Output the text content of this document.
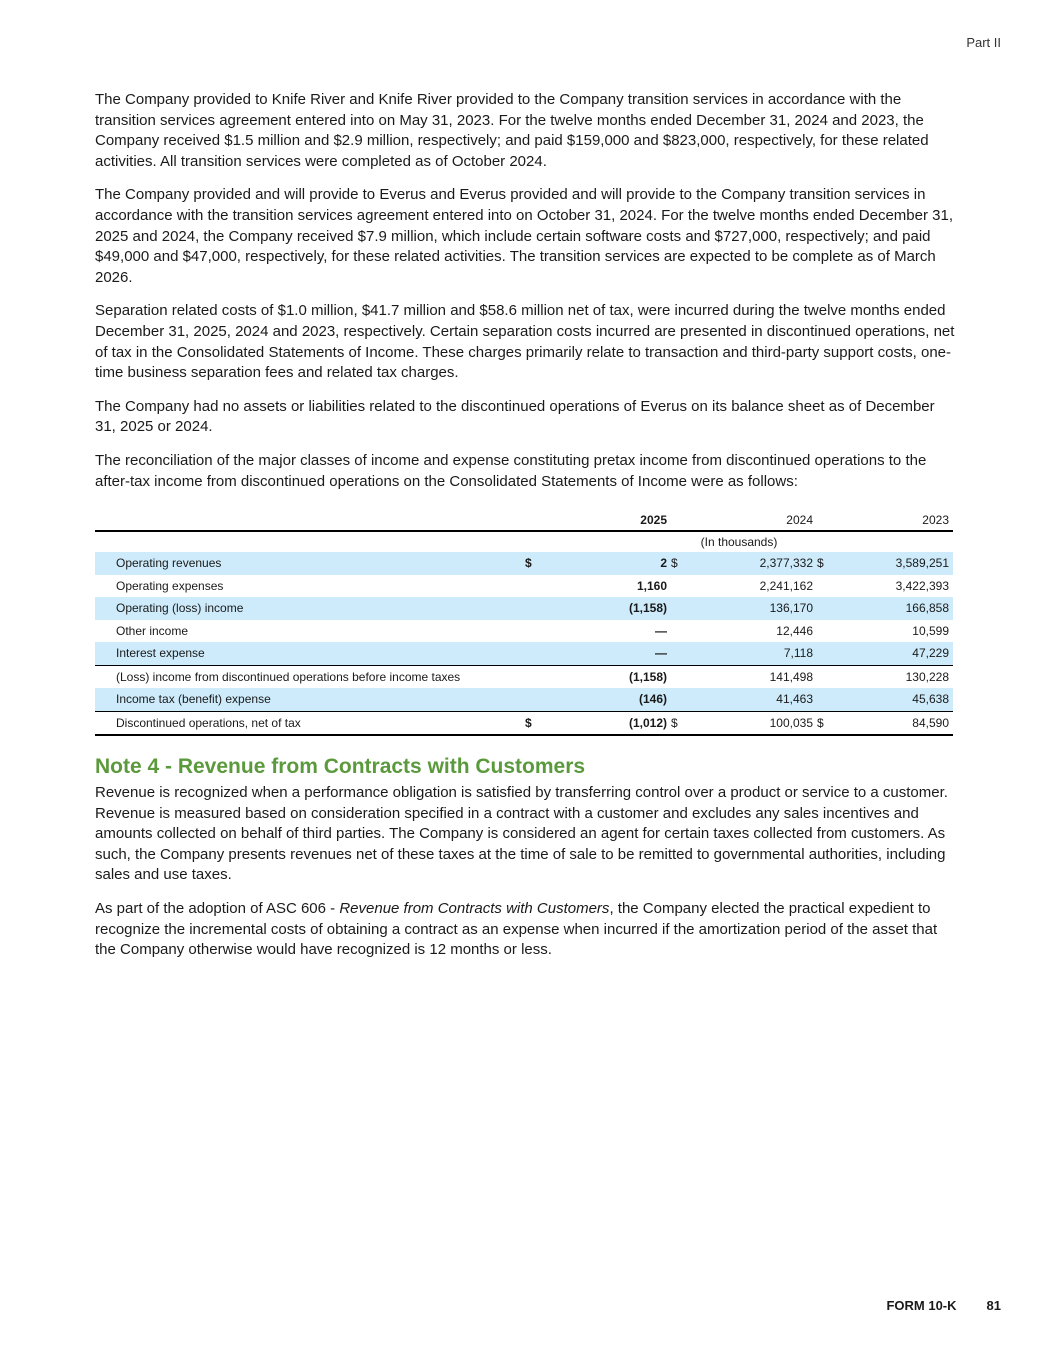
Part II

The Company provided to Knife River and Knife River provided to the Company transition services in accordance with the transition services agreement entered into on May 31, 2023. For the twelve months ended December 31, 2024 and 2023, the Company received $1.5 million and $2.9 million, respectively; and paid $159,000 and $823,000, respectively, for these related activities. All transition services were completed as of October 2024.

The Company provided and will provide to Everus and Everus provided and will provide to the Company transition services in accordance with the transition services agreement entered into on October 31, 2024. For the twelve months ended December 31, 2025 and 2024, the Company received $7.9 million, which include certain software costs and $727,000, respectively; and paid $49,000 and $47,000, respectively, for these related activities. The transition services are expected to be complete as of March 2026.

Separation related costs of $1.0 million, $41.7 million and $58.6 million net of tax, were incurred during the twelve months ended December 31, 2025, 2024 and 2023, respectively. Certain separation costs incurred are presented in discontinued operations, net of tax in the Consolidated Statements of Income. These charges primarily relate to transaction and third-party support costs, one-time business separation fees and related tax charges.

The Company had no assets or liabilities related to the discontinued operations of Everus on its balance sheet as of December 31, 2025 or 2024.

The reconciliation of the major classes of income and expense constituting pretax income from discontinued operations to the after-tax income from discontinued operations on the Consolidated Statements of Income were as follows:

		2025		2024		2023
	(In thousands)					
Operating revenues	$	2	$	2,377,332	$	3,589,251
Operating expenses		1,160		2,241,162		3,422,393
Operating (loss) income		(1,158)		136,170		166,858
Other income		—		12,446		10,599
Interest expense		—		7,118		47,229
(Loss) income from discontinued operations before income taxes		(1,158)		141,498		130,228
Income tax (benefit) expense		(146)		41,463		45,638
Discontinued operations, net of tax	$	(1,012)	$	100,035	$	84,590
Note 4 - Revenue from Contracts with Customers

Revenue is recognized when a performance obligation is satisfied by transferring control over a product or service to a customer. Revenue is measured based on consideration specified in a contract with a customer and excludes any sales incentives and amounts collected on behalf of third parties. The Company is considered an agent for certain taxes collected from customers. As such, the Company presents revenues net of these taxes at the time of sale to be remitted to governmental authorities, including sales and use taxes.

As part of the adoption of ASC 606 - Revenue from Contracts with Customers, the Company elected the practical expedient to recognize the incremental costs of obtaining a contract as an expense when incurred if the amortization period of the asset that the Company otherwise would have recognized is 12 months or less.

FORM 10-K 81
